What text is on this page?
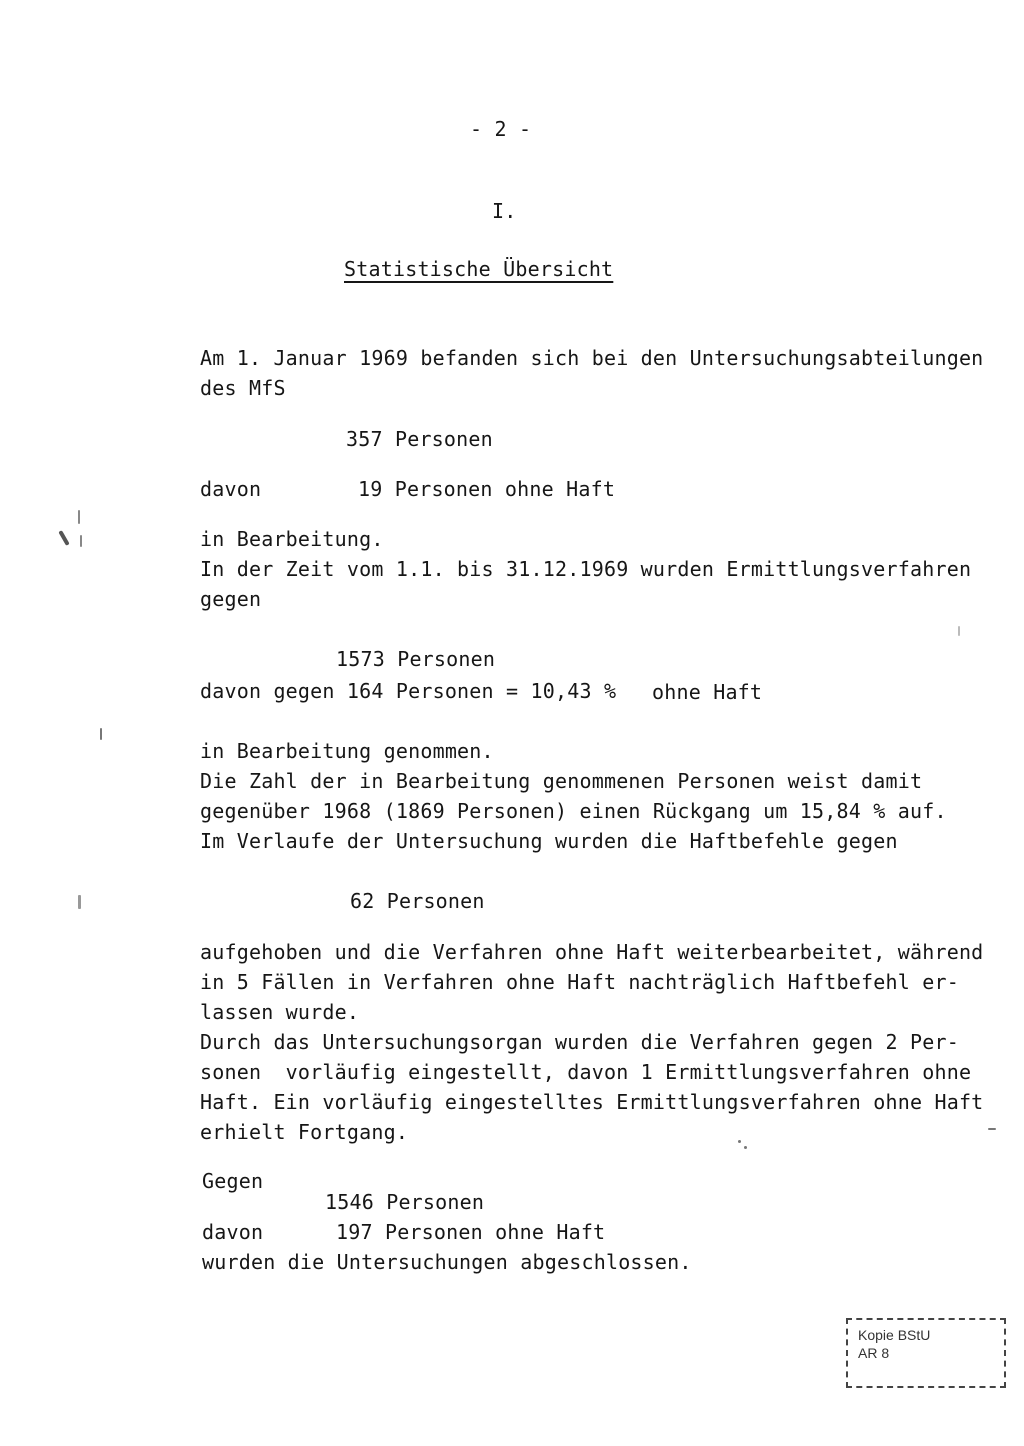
- 2 -
I.
Statistische Übersicht
Am 1. Januar 1969 befanden sich bei den Untersuchungsabteilungen
des MfS
357 Personen
davon	19 Personen ohne Haft
in Bearbeitung.
In der Zeit vom 1.1. bis 31.12.1969 wurden Ermittlungsverfahren
gegen
1573 Personen
davon gegen 164 Personen = 10,43 % ohne Haft
in Bearbeitung genommen.
Die Zahl der in Bearbeitung genommenen Personen weist damit
gegenüber 1968 (1869 Personen) einen Rückgang um 15,84 % auf.
Im Verlaufe der Untersuchung wurden die Haftbefehle gegen
62 Personen
aufgehoben und die Verfahren ohne Haft weiterbearbeitet, während
in 5 Fällen in Verfahren ohne Haft nachträglich Haftbefehl er-
lassen wurde.
Durch das Untersuchungsorgan wurden die Verfahren gegen 2 Per-
sonen  vorläufig eingestellt, davon 1 Ermittlungsverfahren ohne
Haft. Ein vorläufig eingestelltes Ermittlungsverfahren ohne Haft
erhielt Fortgang.
Gegen
1546 Personen
davon	197 Personen ohne Haft
wurden die Untersuchungen abgeschlossen.
Kopie BStU
AR 8
